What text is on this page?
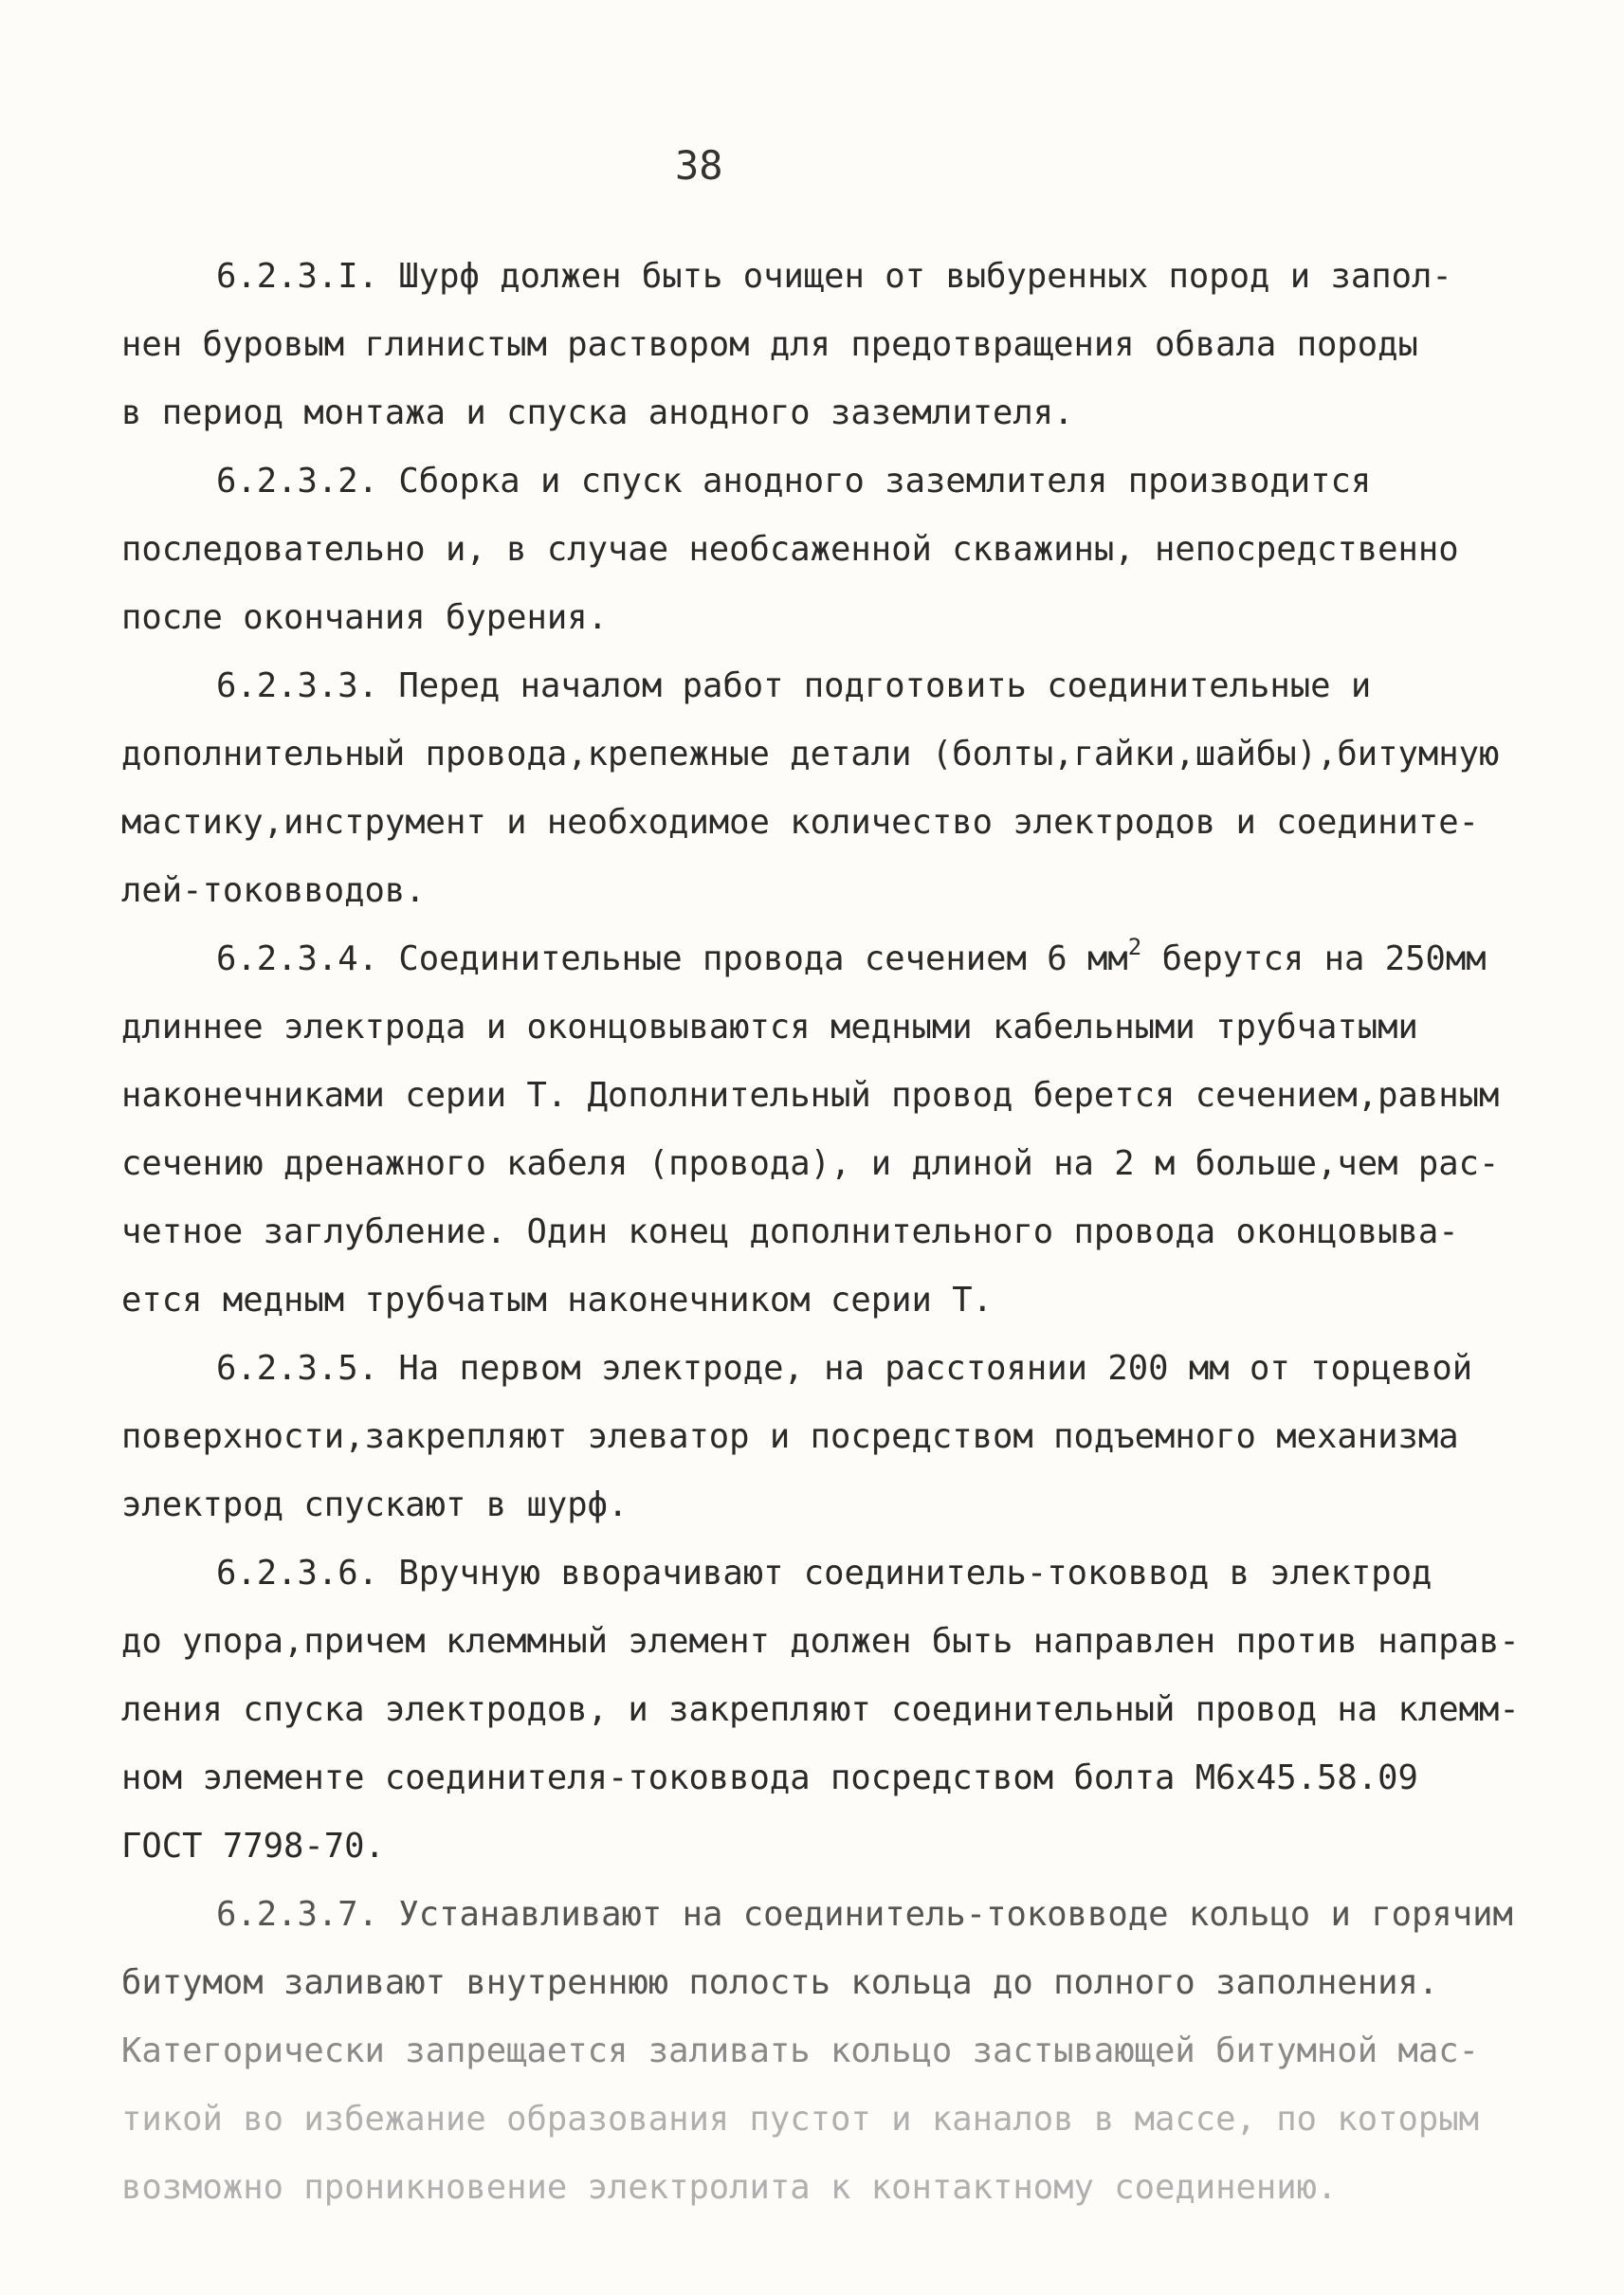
38
6.2.3.I. Шурф должен быть очищен от выбуренных пород и запол-
нен буровым глинистым раствором для предотвращения обвала породы
в период монтажа и спуска анодного заземлителя.
6.2.3.2. Сборка и спуск анодного заземлителя производится
последовательно и, в случае необсаженной скважины, непосредственно
после окончания бурения.
6.2.3.3. Перед началом работ подготовить соединительные и
дополнительный провода,крепежные детали (болты,гайки,шайбы),битумную
мастику,инструмент и необходимое количество электродов и соедините-
лей-токовводов.
6.2.3.4. Соединительные провода сечением 6 $мм^2$ берутся на 250мм
длиннее электрода и оконцовываются медными кабельными трубчатыми
наконечниками серии Т. Дополнительный провод берется сечением,равным
сечению дренажного кабеля (провода), и длиной на 2 м больше,чем рас-
четное заглубление. Один конец дополнительного провода оконцовыва-
ется медным трубчатым наконечником серии Т.
6.2.3.5. На первом электроде, на расстоянии 200 мм от торцевой
поверхности,закрепляют элеватор и посредством подъемного механизма
электрод спускают в шурф.
6.2.3.6. Вручную вворачивают соединитель-токоввод в электрод
до упора,причем клеммный элемент должен быть направлен против направ-
ления спуска электродов, и закрепляют соединительный провод на клемм-
ном элементе соединителя-токоввода посредством болта М6х45.58.09
ГОСТ 7798-70.
6.2.3.7. Устанавливают на соединитель-токовводе кольцо и горячим
битумом заливают внутреннюю полость кольца до полного заполнения.
Категорически запрещается заливать кольцо застывающей битумной мас-
тикой во избежание образования пустот и каналов в массе, по которым
возможно проникновение электролита к контактному соединению.
